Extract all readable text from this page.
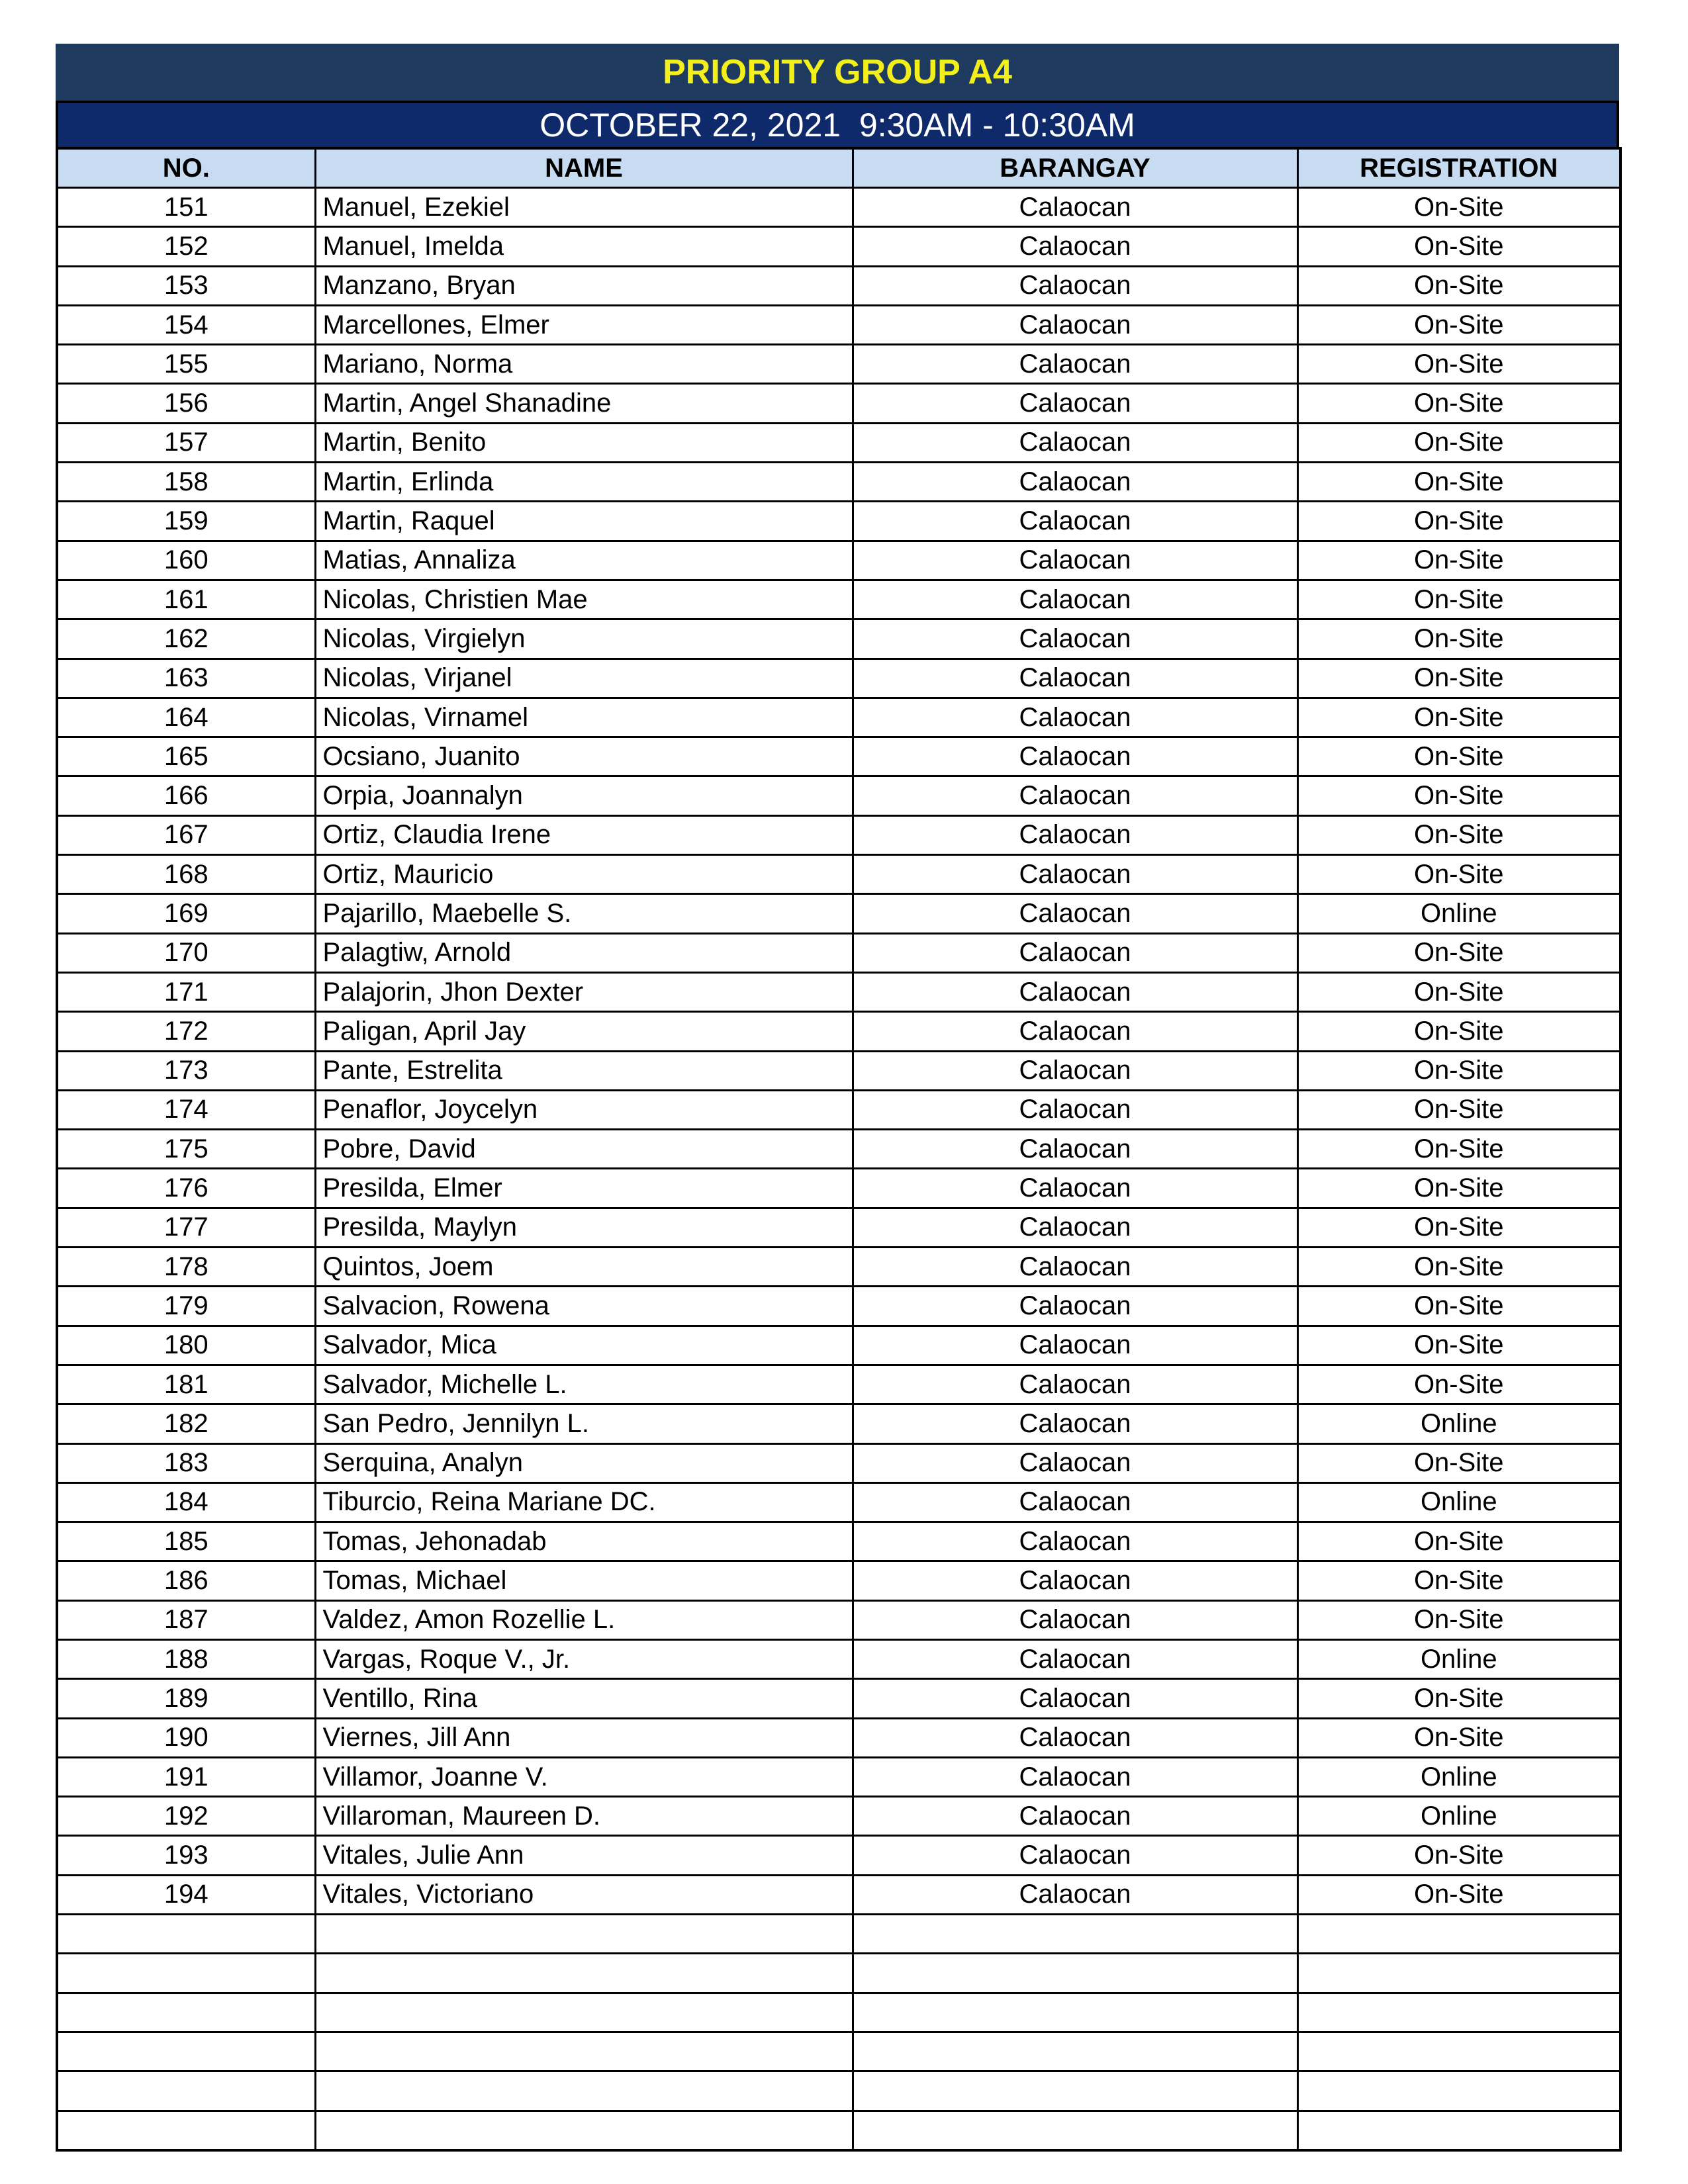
PRIORITY GROUP A4
OCTOBER 22, 2021  9:30AM - 10:30AM
NO.	NAME	BARANGAY	REGISTRATION
151	Manuel, Ezekiel	Calaocan	On-Site
152	Manuel, Imelda	Calaocan	On-Site
153	Manzano, Bryan	Calaocan	On-Site
154	Marcellones, Elmer	Calaocan	On-Site
155	Mariano, Norma	Calaocan	On-Site
156	Martin, Angel Shanadine	Calaocan	On-Site
157	Martin, Benito	Calaocan	On-Site
158	Martin, Erlinda	Calaocan	On-Site
159	Martin, Raquel	Calaocan	On-Site
160	Matias, Annaliza	Calaocan	On-Site
161	Nicolas, Christien Mae	Calaocan	On-Site
162	Nicolas, Virgielyn	Calaocan	On-Site
163	Nicolas, Virjanel	Calaocan	On-Site
164	Nicolas, Virnamel	Calaocan	On-Site
165	Ocsiano, Juanito	Calaocan	On-Site
166	Orpia, Joannalyn	Calaocan	On-Site
167	Ortiz, Claudia Irene	Calaocan	On-Site
168	Ortiz, Mauricio	Calaocan	On-Site
169	Pajarillo, Maebelle S.	Calaocan	Online
170	Palagtiw, Arnold	Calaocan	On-Site
171	Palajorin, Jhon Dexter	Calaocan	On-Site
172	Paligan, April Jay	Calaocan	On-Site
173	Pante, Estrelita	Calaocan	On-Site
174	Penaflor, Joycelyn	Calaocan	On-Site
175	Pobre, David	Calaocan	On-Site
176	Presilda, Elmer	Calaocan	On-Site
177	Presilda, Maylyn	Calaocan	On-Site
178	Quintos, Joem	Calaocan	On-Site
179	Salvacion, Rowena	Calaocan	On-Site
180	Salvador, Mica	Calaocan	On-Site
181	Salvador, Michelle L.	Calaocan	On-Site
182	San Pedro, Jennilyn L.	Calaocan	Online
183	Serquina, Analyn	Calaocan	On-Site
184	Tiburcio, Reina Mariane DC.	Calaocan	Online
185	Tomas, Jehonadab	Calaocan	On-Site
186	Tomas, Michael	Calaocan	On-Site
187	Valdez, Amon Rozellie L.	Calaocan	On-Site
188	Vargas, Roque V., Jr.	Calaocan	Online
189	Ventillo, Rina	Calaocan	On-Site
190	Viernes, Jill Ann	Calaocan	On-Site
191	Villamor, Joanne V.	Calaocan	Online
192	Villaroman, Maureen D.	Calaocan	Online
193	Vitales, Julie Ann	Calaocan	On-Site
194	Vitales, Victoriano	Calaocan	On-Site
